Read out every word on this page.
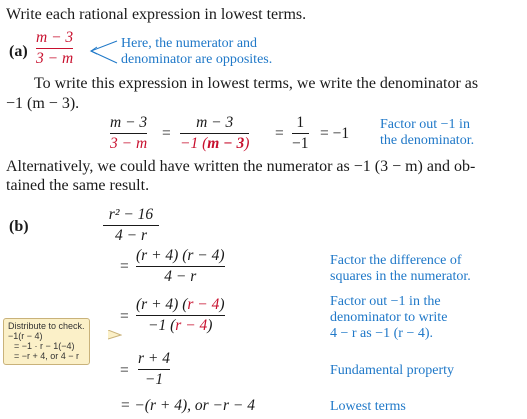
Write each rational expression in lowest terms.
(a)
m − 3
3 − m
Here, the numerator and
denominator are opposites.
To write this expression in lowest terms, we write the denominator as
−1 (m − 3).
m − 3
3 − m
=
m − 3
−1 (m − 3)
=
1
−1
= −1
Factor out −1 in
the denominator.
Alternatively, we could have written the numerator as −1 (3 − m) and ob-
tained the same result.
(b)
r² − 16
4 − r
=
(r + 4) (r − 4)
4 − r
Factor the difference of
squares in the numerator.
=
(r + 4) (r − 4)
−1 (r − 4)
Factor out −1 in the
denominator to write
4 − r as −1 (r − 4).
Distribute to check.
−1(r − 4)
= −1 · r − 1(−4)
= −r + 4, or 4 − r
=
r + 4
−1
Fundamental property
= −(r + 4), or −r − 4	Lowest terms
